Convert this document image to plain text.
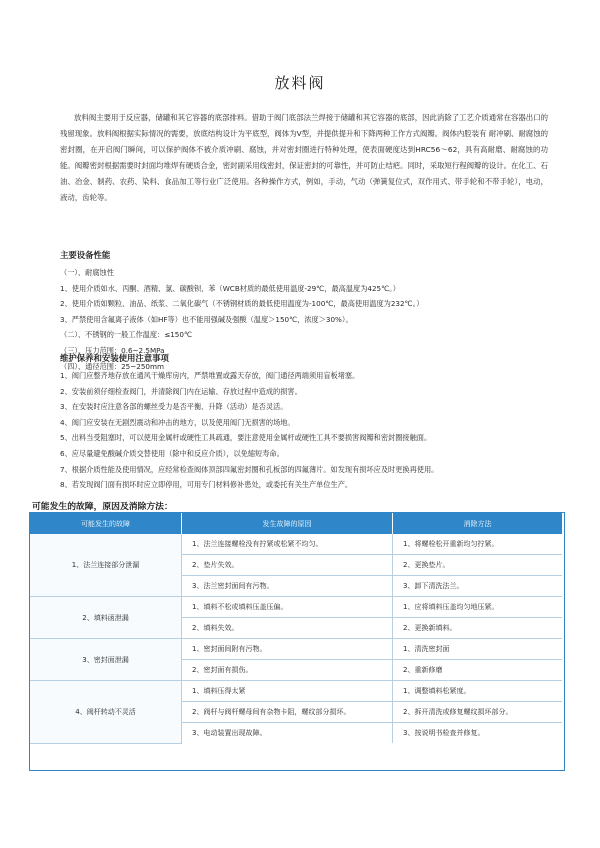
放料阀
放料阀主要用于反应器，储罐和其它容器的底部排料。借助于阀门底部法兰焊接于储罐和其它容器的底部，因此消除了工艺介质通常在容器出口的残留现象。放料阀根据实际情况的需要，放底结构设计为平底型，阀体为V型，并提供提升和下降两种工作方式阀瓣。阀体内腔装有 耐冲刷、耐腐蚀的密封圈，在开启阀门瞬间，可以保护阀体不被介质冲刷、腐蚀，并对密封圈进行特种处理，使表面硬度达到HRC56～62，具有高耐磨、耐腐蚀的功能。阀瓣密封根据需要时封面均堆焊有硬质合金，密封副采用线密封，保证密封的可靠性，并可防止结疤。同时，采取短行程阀瓣的设计。在化工、石油、冶金、制药、农药、染料、食品加工等行业广泛使用。各种操作方式，例如，手动，气动（弹簧复位式，双作用式、带手轮和不带手轮），电动，液动，齿轮等。
主要设备性能

（一）、耐腐蚀性

1、使用介质如水、丙酮、酒精、氯、碳酸钡、苯（WCB材质的最低使用温度-29℃，最高温度为425℃。）

2、使用介质如颗粒、油品、纸浆、二氧化碳气（不锈钢材质的最低使用温度为-100℃，最高使用温度为232℃。）

3、严禁使用含氟离子液体（如HF等）也不能用强碱及强酸（温度＞150℃，浓度＞30%）。

（二）、不锈钢的一般工作温度：≤150℃

（三）、压力范围：0.6~2.5MPa

（四）、通径范围：25~250mm

维护保养和安装使用注意事项

1、阀门应整齐地存放在通风干燥库房内，严禁堆置或露天存放，阀门通径两端须用盲板堵塞。

2、安装前须仔细检查阀门，并清除阀门内在运输、存放过程中造成的损害。

3、在安装时应注意各部的螺丝受力是否平衡、升降（活动）是否灵活。

4、阀门应安装在无剧烈震动和冲击的地方，以及使用阀门无损害的场地。

5、出料当受阻塞时，可以使用金属杆或硬性工具疏通，要注意使用金属杆或硬性工具不要损害阀瓣和密封圈接触面。

6、应尽量避免酸碱介质交替使用（除中和反应介质），以免缩短寿命。

7、根据介质性能及使用情况，应经常检查阀体顶部四氟密封圈和孔板部的四氟薄片。如发现有损坏应及时更换再使用。

8、若发现阀门面有损坏时应立即停用，可用专门材料修补患处，或委托有关生产单位生产。

可能发生的故障，原因及消除方法：
可能发生的故障	发生故障的原因	消除方法
1、法兰连接部分泄漏	1、法兰连接螺栓没有拧紧或松紧不均匀。	1、将螺栓松开重新均匀拧紧。
	2、垫片失效。	2、更换垫片。
	3、法兰密封面间有污物。	3、卸下清洗法兰。
2、填料函泄漏	1、填料不松或填料压盖压偏。	1、应将填料压盖均匀地压紧。
	2、填料失效。	2、更换新填料。
3、密封面泄漏	1、密封面间附有污物。	1、清洗密封面
	2、密封面有损伤。	2、重新修磨
4、阀杆转动不灵活	1、填料压得太紧	1、调整填料松紧度。
	2、阀杆与阀杆螺母间有杂物卡阻，螺纹部分损坏。	2、拆开清洗或修复螺纹损坏部分。
	3、电动装置出现故障。	3、按说明书检查并修复。
